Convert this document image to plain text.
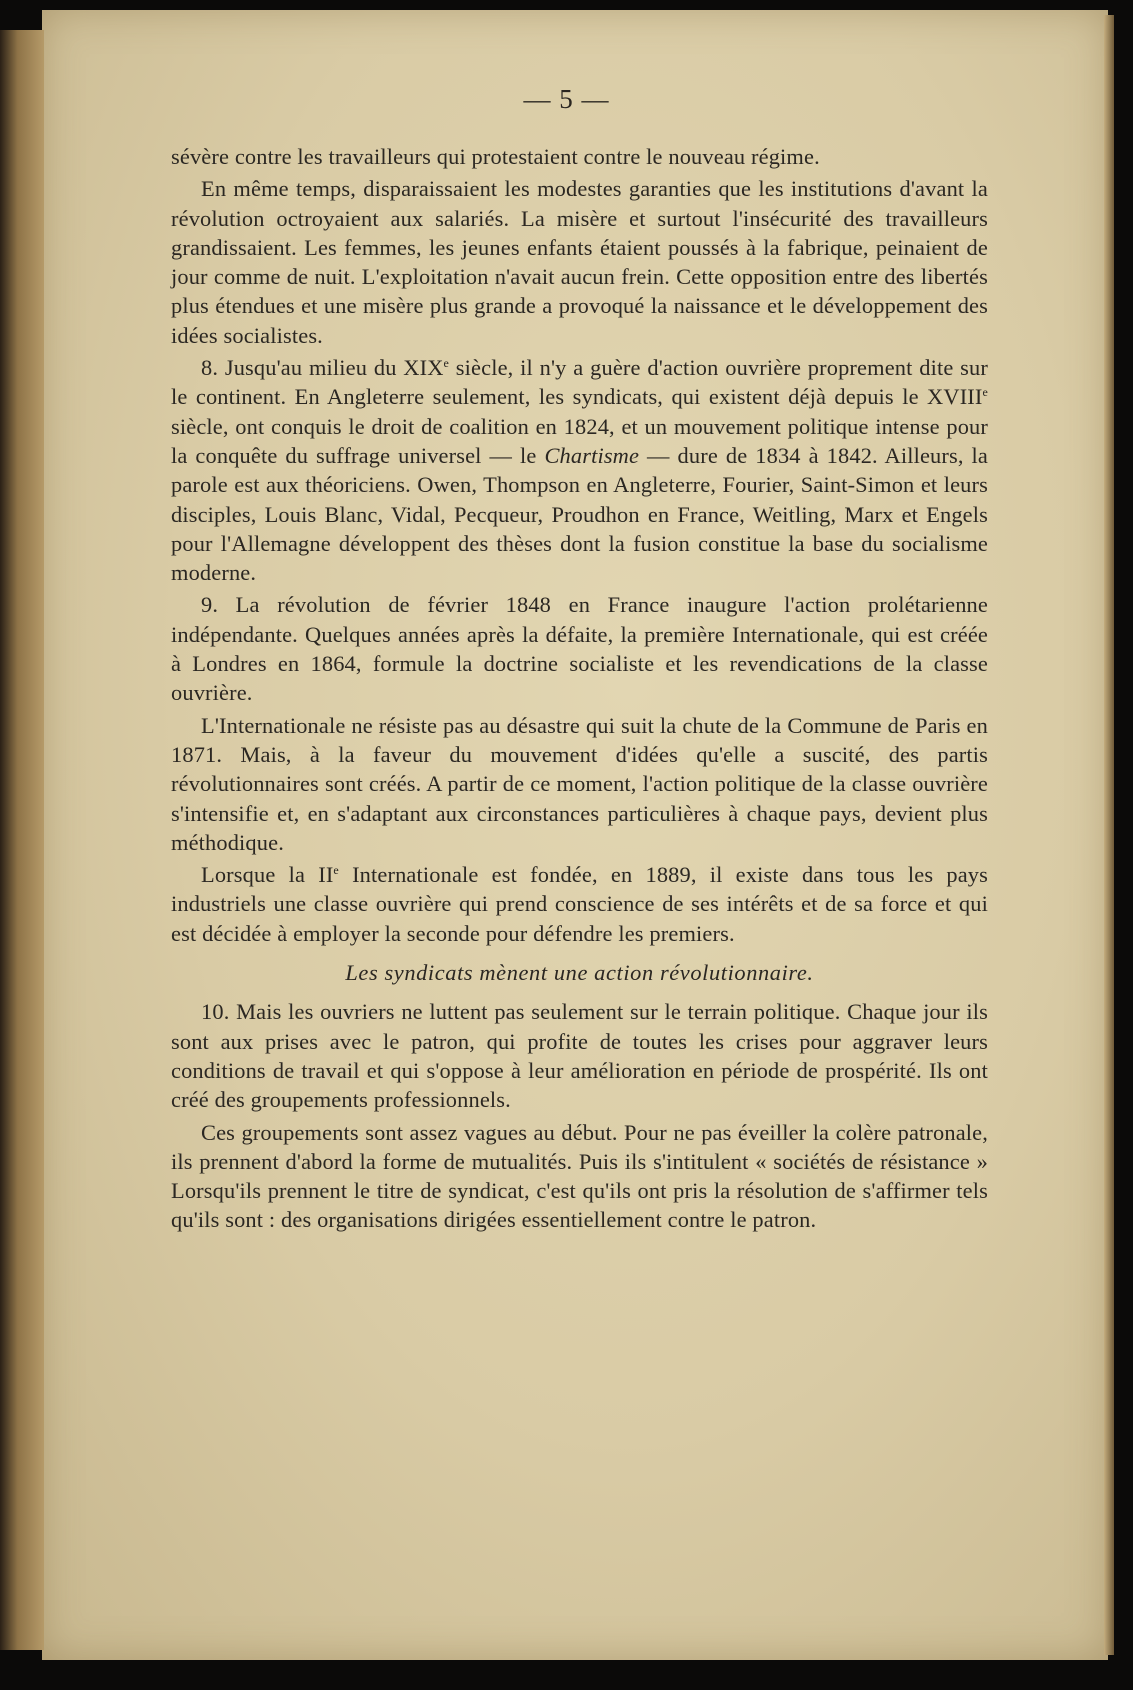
— 5 —

sévère contre les travailleurs qui protestaient contre le nouveau régime.

En même temps, disparaissaient les modestes garanties que les institutions d'avant la révolution octroyaient aux salariés. La misère et surtout l'insécurité des travailleurs grandissaient. Les femmes, les jeunes enfants étaient poussés à la fabrique, peinaient de jour comme de nuit. L'exploitation n'avait aucun frein. Cette opposition entre des libertés plus étendues et une misère plus grande a provoqué la naissance et le développement des idées socialistes.

8. Jusqu'au milieu du XIXe siècle, il n'y a guère d'action ouvrière proprement dite sur le continent. En Angleterre seulement, les syndicats, qui existent déjà depuis le XVIIIe siècle, ont conquis le droit de coalition en 1824, et un mouvement politique intense pour la conquête du suffrage universel — le Chartisme — dure de 1834 à 1842. Ailleurs, la parole est aux théoriciens. Owen, Thompson en Angleterre, Fourier, Saint-Simon et leurs disciples, Louis Blanc, Vidal, Pecqueur, Proudhon en France, Weitling, Marx et Engels pour l'Allemagne développent des thèses dont la fusion constitue la base du socialisme moderne.

9. La révolution de février 1848 en France inaugure l'action prolétarienne indépendante. Quelques années après la défaite, la première Internationale, qui est créée à Londres en 1864, formule la doctrine socialiste et les revendications de la classe ouvrière.

L'Internationale ne résiste pas au désastre qui suit la chute de la Commune de Paris en 1871. Mais, à la faveur du mouvement d'idées qu'elle a suscité, des partis révolutionnaires sont créés. A partir de ce moment, l'action politique de la classe ouvrière s'intensifie et, en s'adaptant aux circonstances particulières à chaque pays, devient plus méthodique.

Lorsque la IIe Internationale est fondée, en 1889, il existe dans tous les pays industriels une classe ouvrière qui prend conscience de ses intérêts et de sa force et qui est décidée à employer la seconde pour défendre les premiers.

Les syndicats mènent une action révolutionnaire.

10. Mais les ouvriers ne luttent pas seulement sur le terrain politique. Chaque jour ils sont aux prises avec le patron, qui profite de toutes les crises pour aggraver leurs conditions de travail et qui s'oppose à leur amélioration en période de prospérité. Ils ont créé des groupements professionnels.

Ces groupements sont assez vagues au début. Pour ne pas éveiller la colère patronale, ils prennent d'abord la forme de mutualités. Puis ils s'intitulent « sociétés de résistance » Lorsqu'ils prennent le titre de syndicat, c'est qu'ils ont pris la résolution de s'affirmer tels qu'ils sont : des organisations dirigées essentiellement contre le patron.
